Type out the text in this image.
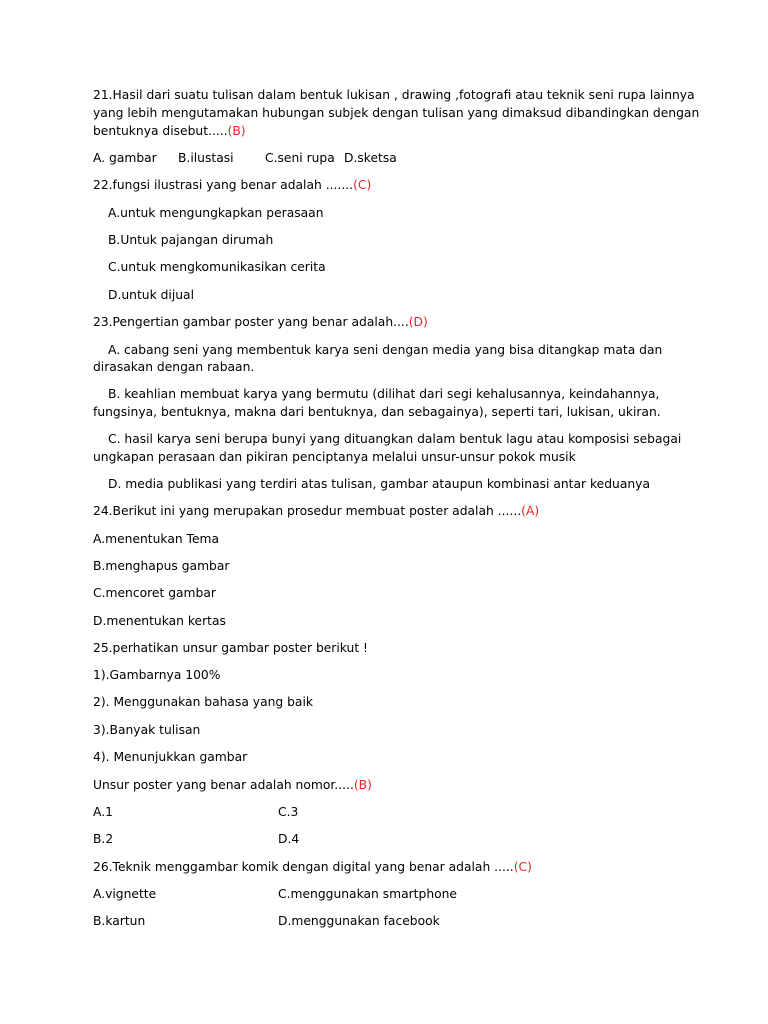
21.Hasil dari suatu tulisan dalam bentuk lukisan , drawing ,fotografi atau teknik seni rupa lainnya
yang lebih mengutamakan hubungan subjek dengan tulisan yang dimaksud dibandingkan dengan
bentuknya disebut.....(B)
A. gambar B.ilustasi	C.seni rupa D.sketsa
22.fungsi ilustrasi yang benar adalah .......(C)
A.untuk mengungkapkan perasaan
B.Untuk pajangan dirumah
C.untuk mengkomunikasikan cerita
D.untuk dijual
23.Pengertian gambar poster yang benar adalah....(D)
A. cabang seni yang membentuk karya seni dengan media yang bisa ditangkap mata dan
dirasakan dengan rabaan.
B. keahlian membuat karya yang bermutu (dilihat dari segi kehalusannya, keindahannya,
fungsinya, bentuknya, makna dari bentuknya, dan sebagainya), seperti tari, lukisan, ukiran.
C. hasil karya seni berupa bunyi yang dituangkan dalam bentuk lagu atau komposisi sebagai
ungkapan perasaan dan pikiran penciptanya melalui unsur-unsur pokok musik
D. media publikasi yang terdiri atas tulisan, gambar ataupun kombinasi antar keduanya
24.Berikut ini yang merupakan prosedur membuat poster adalah ......(A)
A.menentukan Tema
B.menghapus gambar
C.mencoret gambar
D.menentukan kertas
25.perhatikan unsur gambar poster berikut !
1).Gambarnya 100%
2). Menggunakan bahasa yang baik
3).Banyak tulisan
4). Menunjukkan gambar
Unsur poster yang benar adalah nomor.....(B)
A.1	C.3
B.2	D.4
26.Teknik menggambar komik dengan digital yang benar adalah .....(C)
A.vignette	C.menggunakan smartphone
B.kartun	D.menggunakan facebook
